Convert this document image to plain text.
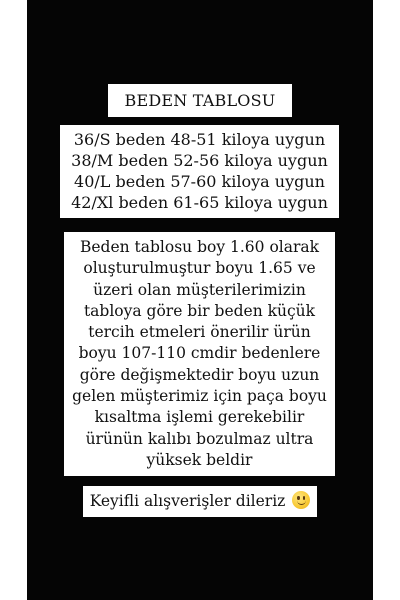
BEDEN TABLOSU
36/S beden 48-51 kiloya uygun
38/M beden 52-56 kiloya uygun
40/L beden 57-60 kiloya uygun
42/Xl beden 61-65 kiloya uygun
Beden tablosu boy 1.60 olarak
oluşturulmuştur boyu 1.65 ve
üzeri olan müşterilerimizin
tabloya göre bir beden küçük
tercih etmeleri önerilir ürün
boyu 107-110 cmdir bedenlere
göre değişmektedir boyu uzun
gelen müşterimiz için paça boyu
kısaltma işlemi gerekebilir
ürünün kalıbı bozulmaz ultra
yüksek beldir
Keyifli alışverişler dileriz
